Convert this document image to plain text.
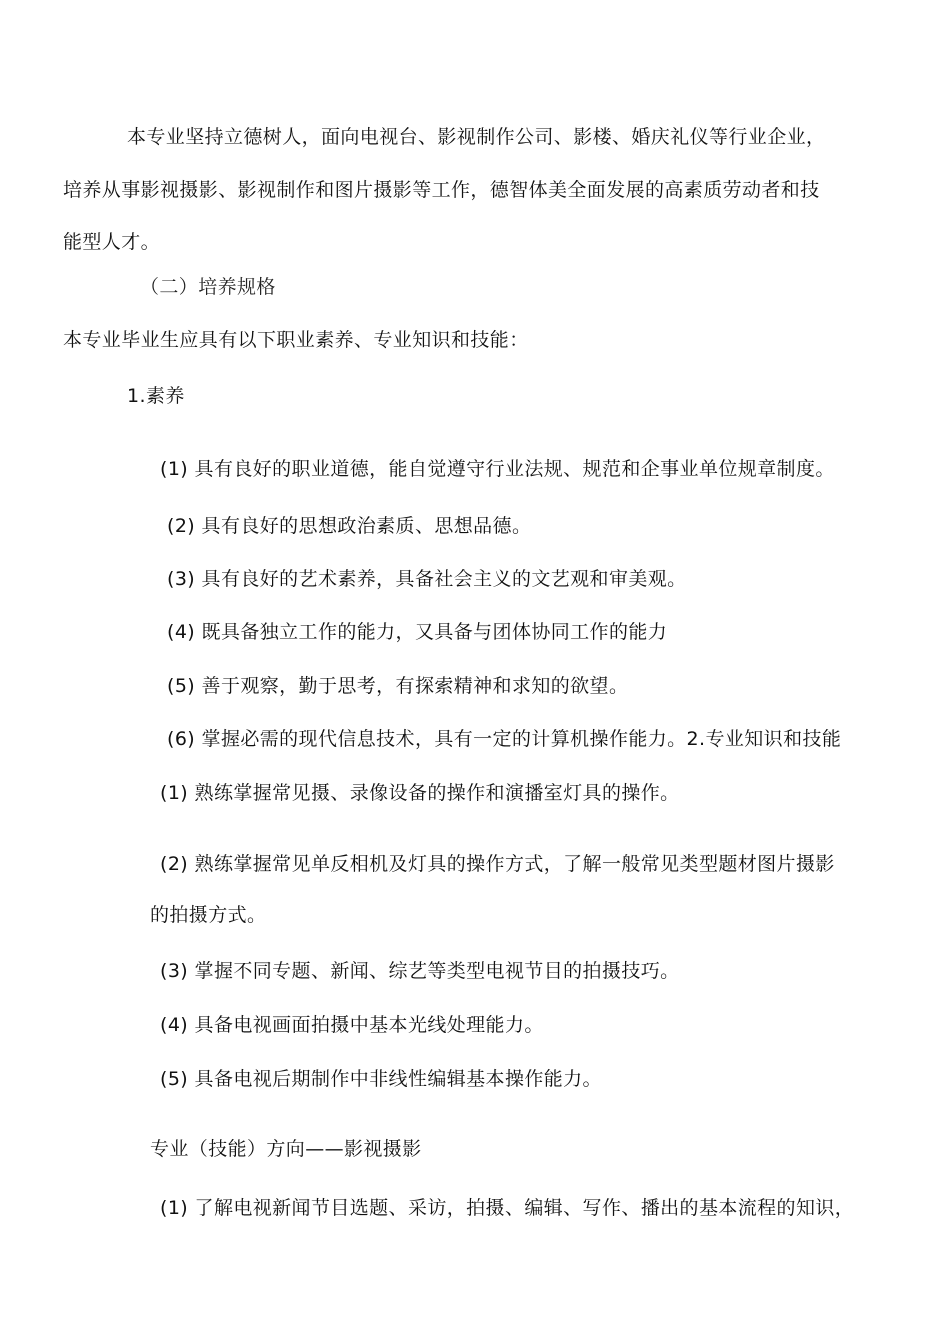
本专业坚持立德树人，面向电视台、影视制作公司、影楼、婚庆礼仪等行业企业，
培养从事影视摄影、影视制作和图片摄影等工作，德智体美全面发展的高素质劳动者和技
能型人才。
（二）培养规格
本专业毕业生应具有以下职业素养、专业知识和技能：
1.素养
(1) 具有良好的职业道德，能自觉遵守行业法规、规范和企事业单位规章制度。
(2) 具有良好的思想政治素质、思想品德。
(3) 具有良好的艺术素养，具备社会主义的文艺观和审美观。
(4) 既具备独立工作的能力，又具备与团体协同工作的能力
(5) 善于观察，勤于思考，有探索精神和求知的欲望。
(6) 掌握必需的现代信息技术，具有一定的计算机操作能力。2.专业知识和技能
(1) 熟练掌握常见摄、录像设备的操作和演播室灯具的操作。
(2) 熟练掌握常见单反相机及灯具的操作方式，了解一般常见类型题材图片摄影
的拍摄方式。
(3) 掌握不同专题、新闻、综艺等类型电视节目的拍摄技巧。
(4) 具备电视画面拍摄中基本光线处理能力。
(5) 具备电视后期制作中非线性编辑基本操作能力。
专业（技能）方向——影视摄影
(1) 了解电视新闻节目选题、采访，拍摄、编辑、写作、播出的基本流程的知识，
